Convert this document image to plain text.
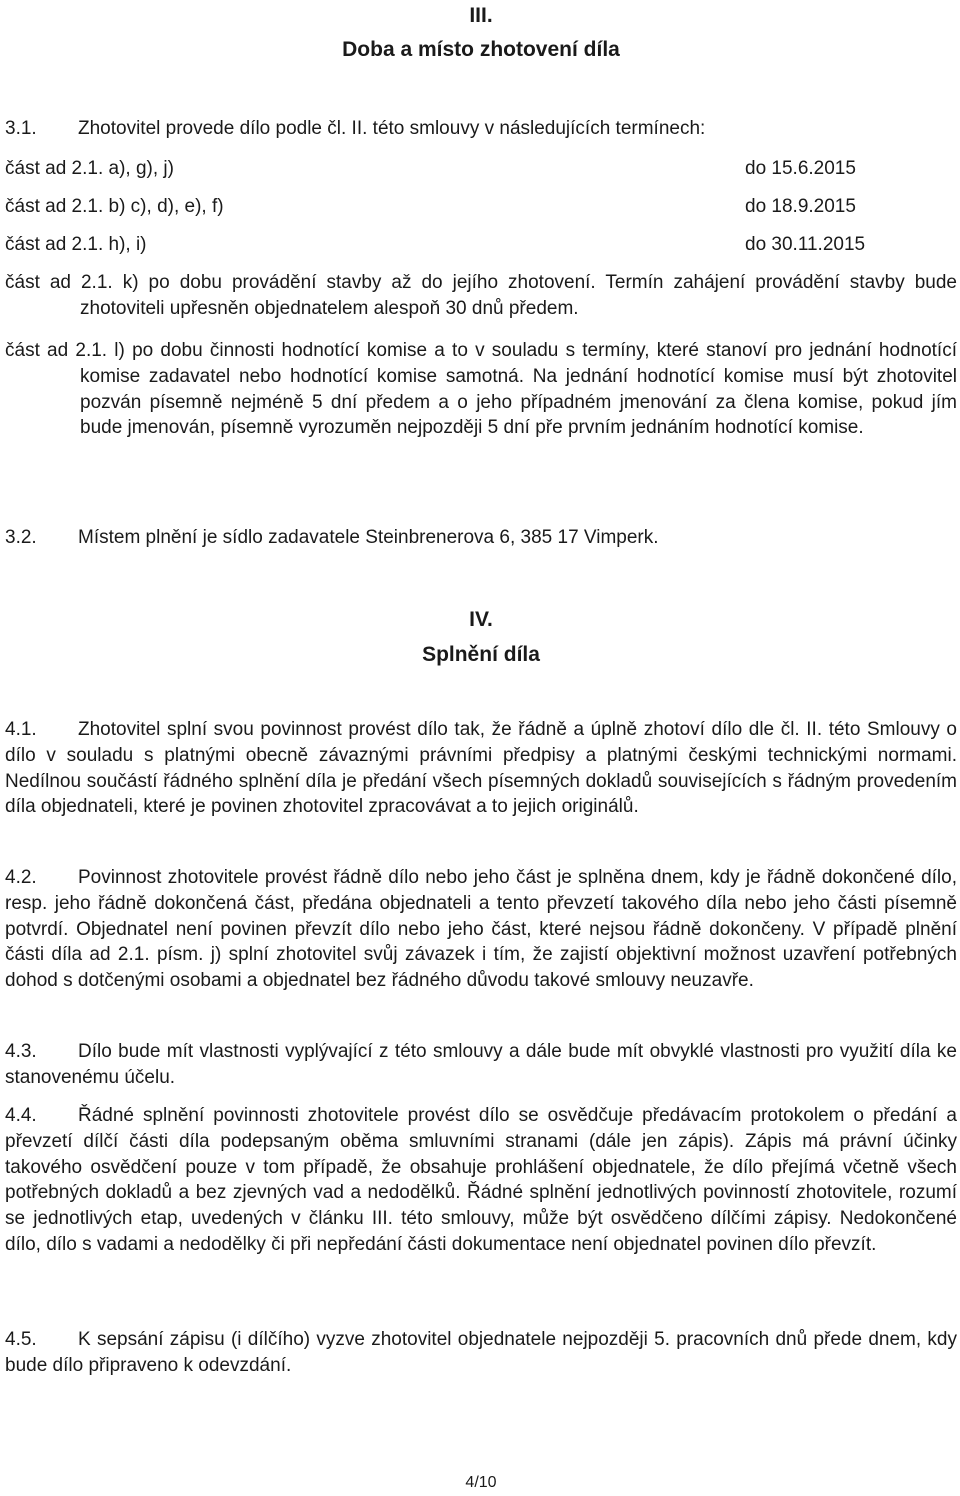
III.

Doba a místo zhotovení díla

3.1. Zhotovitel provede dílo podle čl. II. této smlouvy v následujících termínech:

část ad 2.1. a), g), j)	do 15.6.2015
část ad 2.1. b) c), d), e), f)	do 18.9.2015
část ad 2.1. h), i)	do 30.11.2015

část ad 2.1. k) po dobu provádění stavby až do jejího zhotovení. Termín zahájení provádění stavby bude zhotoviteli upřesněn objednatelem alespoň 30 dnů předem.

část ad 2.1. l) po dobu činnosti hodnotící komise a to v souladu s termíny, které stanoví pro jednání hodnotící komise zadavatel nebo hodnotící komise samotná. Na jednání hodnotící komise musí být zhotovitel pozván písemně nejméně 5 dní předem a o jeho případném jmenování za člena komise, pokud jím bude jmenován, písemně vyrozuměn nejpozději 5 dní pře prvním jednáním hodnotící komise.

3.2. Místem plnění je sídlo zadavatele Steinbrenerova 6, 385 17 Vimperk.

IV.

Splnění díla

4.1. Zhotovitel splní svou povinnost provést dílo tak, že řádně a úplně zhotoví dílo dle čl. II. této Smlouvy o dílo v souladu s platnými obecně závaznými právními předpisy a platnými českými technickými normami. Nedílnou součástí řádného splnění díla je předání všech písemných dokladů souvisejících s řádným provedením díla objednateli, které je povinen zhotovitel zpracovávat a to jejich originálů.

4.2. Povinnost zhotovitele provést řádně dílo nebo jeho část je splněna dnem, kdy je řádně dokončené dílo, resp. jeho řádně dokončená část, předána objednateli a tento převzetí takového díla nebo jeho části písemně potvrdí. Objednatel není povinen převzít dílo nebo jeho část, které nejsou řádně dokončeny. V případě plnění části díla ad 2.1. písm. j) splní zhotovitel svůj závazek i tím, že zajistí objektivní možnost uzavření potřebných dohod s dotčenými osobami a objednatel bez řádného důvodu takové smlouvy neuzavře.

4.3. Dílo bude mít vlastnosti vyplývající z této smlouvy a dále bude mít obvyklé vlastnosti pro využití díla ke stanovenému účelu.

4.4. Řádné splnění povinnosti zhotovitele provést dílo se osvědčuje předávacím protokolem o předání a převzetí dílčí části díla podepsaným oběma smluvními stranami (dále jen zápis). Zápis má právní účinky takového osvědčení pouze v tom případě, že obsahuje prohlášení objednatele, že dílo přejímá včetně všech potřebných dokladů a bez zjevných vad a nedodělků. Řádné splnění jednotlivých povinností zhotovitele, rozumí se jednotlivých etap, uvedených v článku III. této smlouvy, může být osvědčeno dílčími zápisy. Nedokončené dílo, dílo s vadami a nedodělky či při nepředání části dokumentace není objednatel povinen dílo převzít.

4.5. K sepsání zápisu (i dílčího) vyzve zhotovitel objednatele nejpozději 5. pracovních dnů přede dnem, kdy bude dílo připraveno k odevzdání.

4/10
